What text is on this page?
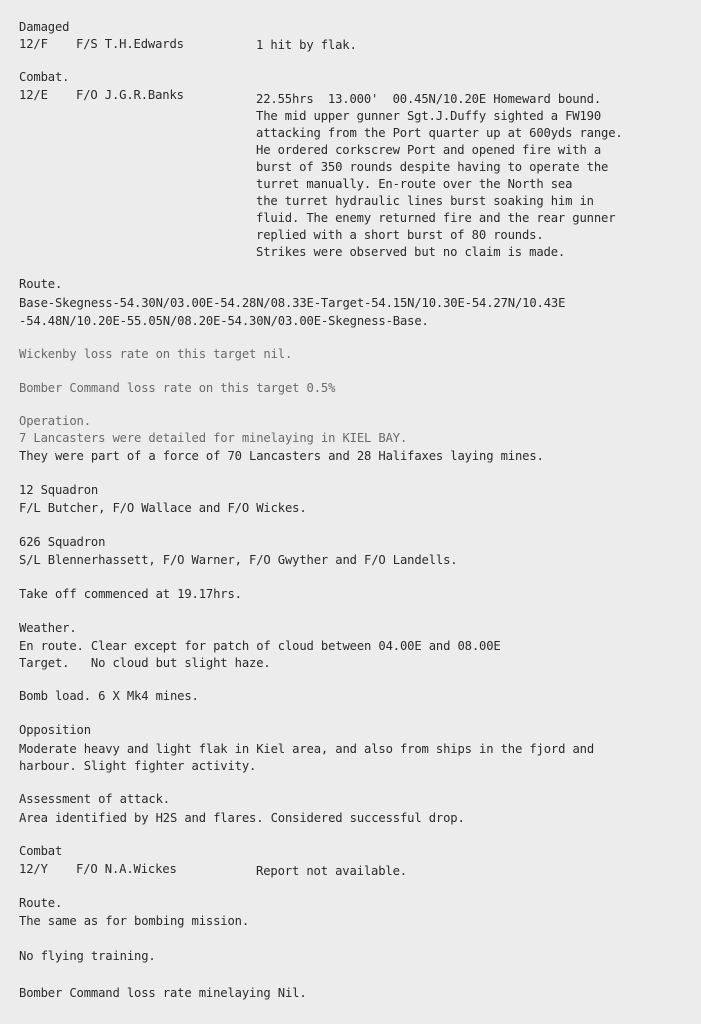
Damaged
12/F F/S T.H.Edwards	1 hit by flak.
Combat.
12/E F/O J.G.R.Banks	22.55hrs  13.000'  00.45N/10.20E Homeward bound.
The mid upper gunner Sgt.J.Duffy sighted a FW190
attacking from the Port quarter up at 600yds range.
He ordered corkscrew Port and opened fire with a
burst of 350 rounds despite having to operate the
turret manually. En-route over the North sea
the turret hydraulic lines burst soaking him in
fluid. The enemy returned fire and the rear gunner
replied with a short burst of 80 rounds.
Strikes were observed but no claim is made.
Route.
Base-Skegness-54.30N/03.00E-54.28N/08.33E-Target-54.15N/10.30E-54.27N/10.43E
-54.48N/10.20E-55.05N/08.20E-54.30N/03.00E-Skegness-Base.
Wickenby loss rate on this target nil.
Bomber Command loss rate on this target 0.5%
Operation.
7 Lancasters were detailed for minelaying in KIEL BAY.
They were part of a force of 70 Lancasters and 28 Halifaxes laying mines.
12 Squadron
F/L Butcher, F/O Wallace and F/O Wickes.
626 Squadron
S/L Blennerhassett, F/O Warner, F/O Gwyther and F/O Landells.
Take off commenced at 19.17hrs.
Weather.
En route. Clear except for patch of cloud between 04.00E and 08.00E
Target.   No cloud but slight haze.
Bomb load. 6 X Mk4 mines.
Opposition
Moderate heavy and light flak in Kiel area, and also from ships in the fjord and
harbour. Slight fighter activity.
Assessment of attack.
Area identified by H2S and flares. Considered successful drop.
Combat
12/Y F/O N.A.Wickes	Report not available.
Route.
The same as for bombing mission.
No flying training.
Bomber Command loss rate minelaying Nil.
